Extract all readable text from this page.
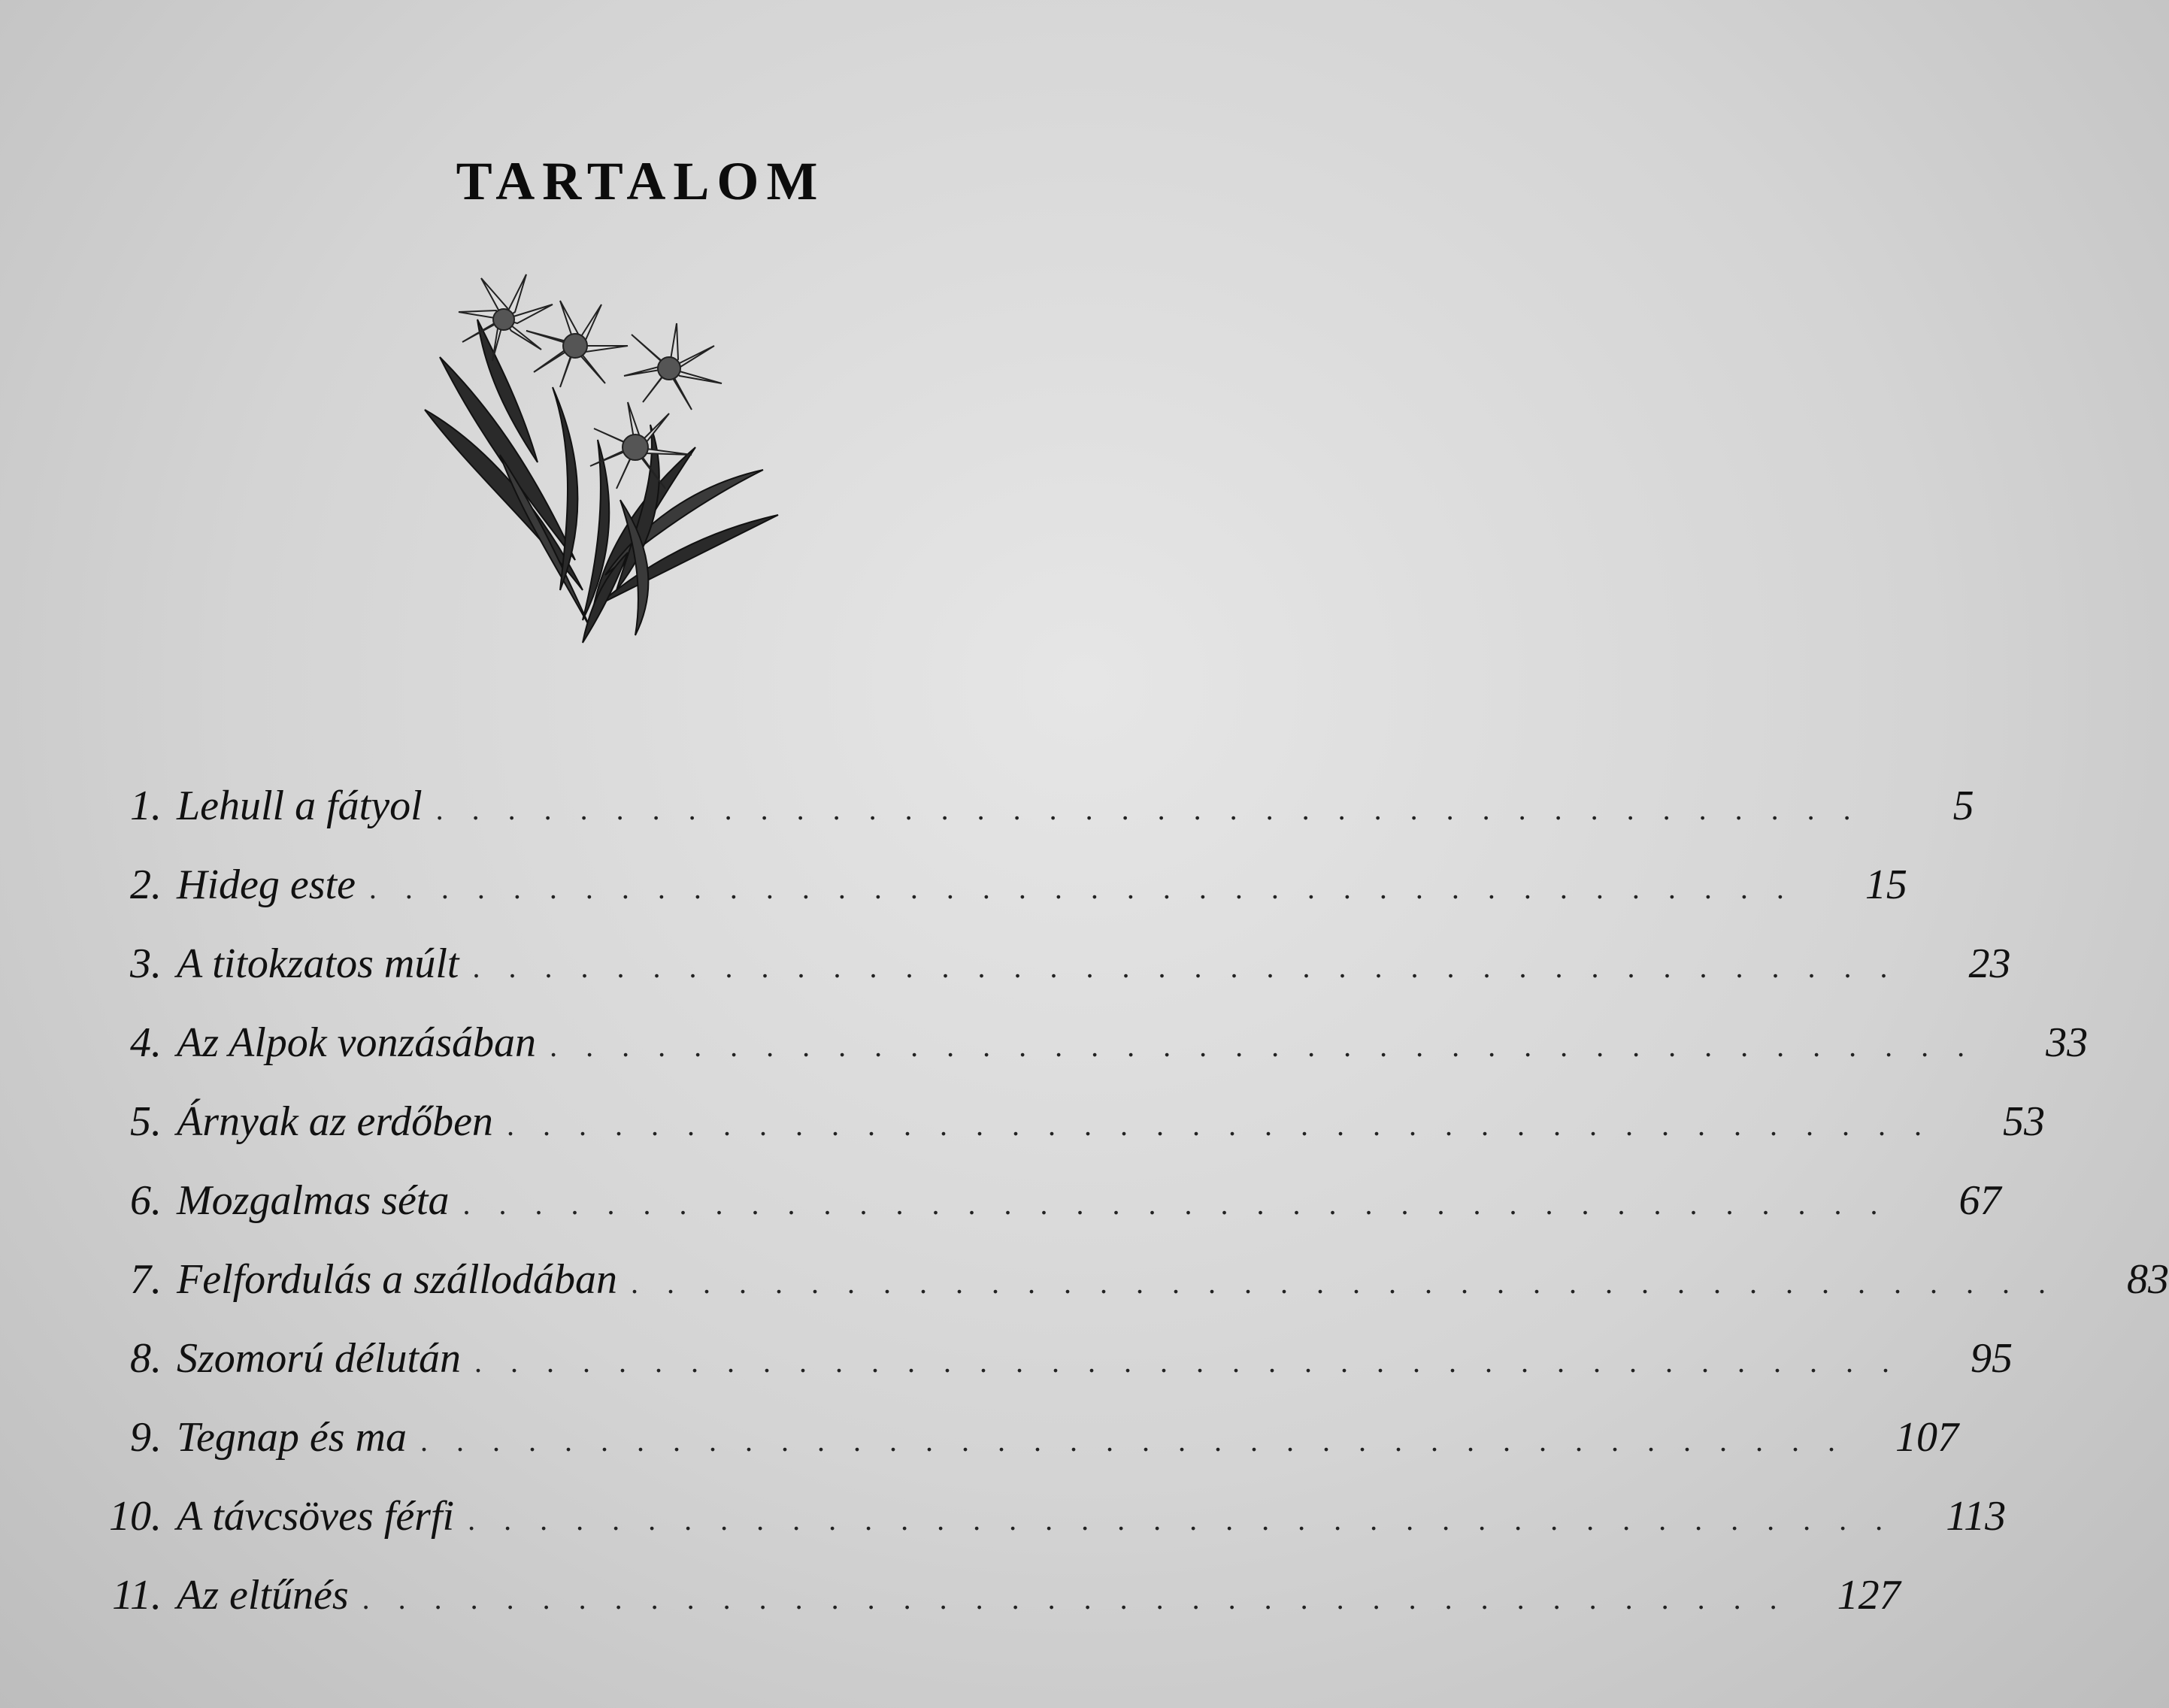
TARTALOM
1. Lehull a fátyol . . . . . . . . . . . . . . . . . . . . . . . . . . . . . . . . . . . . . . . .	5
2. Hideg este . . . . . . . . . . . . . . . . . . . . . . . . . . . . . . . . . . . . . . . .	15
3. A titokzatos múlt . . . . . . . . . . . . . . . . . . . . . . . . . . . . . . . . . . . . . . . .	23
4. Az Alpok vonzásában . . . . . . . . . . . . . . . . . . . . . . . . . . . . . . . . . . . . . . . .	33
5. Árnyak az erdőben . . . . . . . . . . . . . . . . . . . . . . . . . . . . . . . . . . . . . . . .	53
6. Mozgalmas séta . . . . . . . . . . . . . . . . . . . . . . . . . . . . . . . . . . . . . . . .	67
7. Felfordulás a szállodában . . . . . . . . . . . . . . . . . . . . . . . . . . . . . . . . . . . . . . . .	83
8. Szomorú délután . . . . . . . . . . . . . . . . . . . . . . . . . . . . . . . . . . . . . . . .	95
9. Tegnap és ma . . . . . . . . . . . . . . . . . . . . . . . . . . . . . . . . . . . . . . . .	107
10. A távcsöves férfi . . . . . . . . . . . . . . . . . . . . . . . . . . . . . . . . . . . . . . . .	113
11. Az eltűnés . . . . . . . . . . . . . . . . . . . . . . . . . . . . . . . . . . . . . . . .	127
